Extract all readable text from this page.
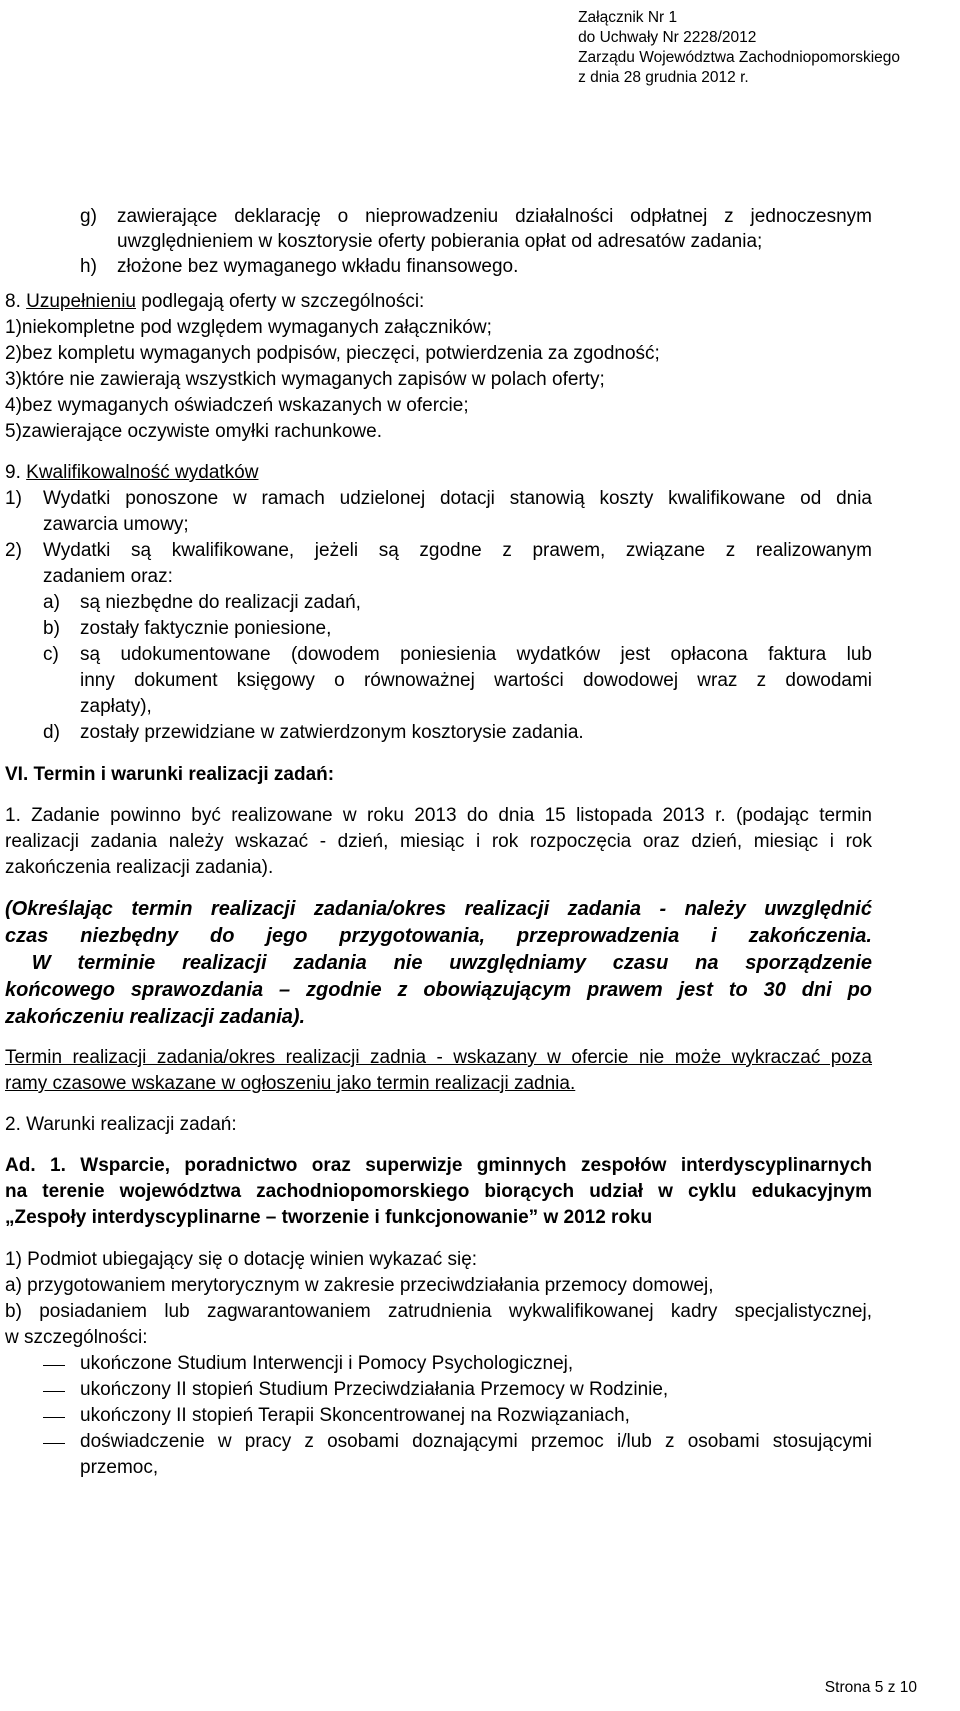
Załącznik Nr 1
do Uchwały Nr 2228/2012
Zarządu Województwa Zachodniopomorskiego
z dnia 28 grudnia 2012 r.
g) zawierające deklarację o nieprowadzeniu działalności odpłatnej z jednoczesnym
uwzględnieniem w kosztorysie oferty pobierania opłat od adresatów zadania;
h) złożone bez wymaganego wkładu finansowego.
8. Uzupełnieniu podlegają oferty w szczególności:
1)niekompletne pod względem wymaganych załączników;
2)bez kompletu wymaganych podpisów, pieczęci, potwierdzenia za zgodność;
3)które nie zawierają wszystkich wymaganych zapisów w polach oferty;
4)bez wymaganych oświadczeń wskazanych w ofercie;
5)zawierające oczywiste omyłki rachunkowe.
9. Kwalifikowalność wydatków
1) Wydatki ponoszone w ramach udzielonej dotacji stanowią koszty kwalifikowane od dnia
zawarcia umowy;
2) Wydatki są kwalifikowane, jeżeli są zgodne z prawem, związane z realizowanym
zadaniem oraz:
a) są niezbędne do realizacji zadań,
b) zostały faktycznie poniesione,
c) są udokumentowane (dowodem poniesienia wydatków jest opłacona faktura lub
inny dokument księgowy o równoważnej wartości dowodowej wraz z dowodami
zapłaty),
d) zostały przewidziane w zatwierdzonym kosztorysie zadania.
VI. Termin i warunki realizacji zadań:
1. Zadanie powinno być realizowane w roku 2013 do dnia 15 listopada 2013 r. (podając termin
realizacji zadania należy wskazać - dzień, miesiąc i rok rozpoczęcia oraz dzień, miesiąc i rok
zakończenia realizacji zadania).
(Określając termin realizacji zadania/okres realizacji zadania - należy uwzględnić
czas niezbędny do jego przygotowania, przeprowadzenia i zakończenia.
W terminie realizacji zadania nie uwzględniamy czasu na sporządzenie
końcowego sprawozdania – zgodnie z obowiązującym prawem jest to 30 dni po
zakończeniu realizacji zadania).
Termin realizacji zadania/okres realizacji zadnia - wskazany w ofercie nie może wykraczać poza
ramy czasowe wskazane w ogłoszeniu jako termin realizacji zadnia.
2. Warunki realizacji zadań:
Ad. 1. Wsparcie, poradnictwo oraz superwizje gminnych zespołów interdyscyplinarnych
na terenie województwa zachodniopomorskiego biorących udział w cyklu edukacyjnym
„Zespoły interdyscyplinarne – tworzenie i funkcjonowanie” w 2012 roku
1) Podmiot ubiegający się o dotację winien wykazać się:
a) przygotowaniem merytorycznym w zakresie przeciwdziałania przemocy domowej,
b) posiadaniem lub zagwarantowaniem zatrudnienia wykwalifikowanej kadry specjalistycznej,
w szczególności:
ukończone Studium Interwencji i Pomocy Psychologicznej,
ukończony II stopień Studium Przeciwdziałania Przemocy w Rodzinie,
ukończony II stopień Terapii Skoncentrowanej na Rozwiązaniach,
doświadczenie w pracy z osobami doznającymi przemoc i/lub z osobami stosującymi
przemoc,
Strona 5 z 10
